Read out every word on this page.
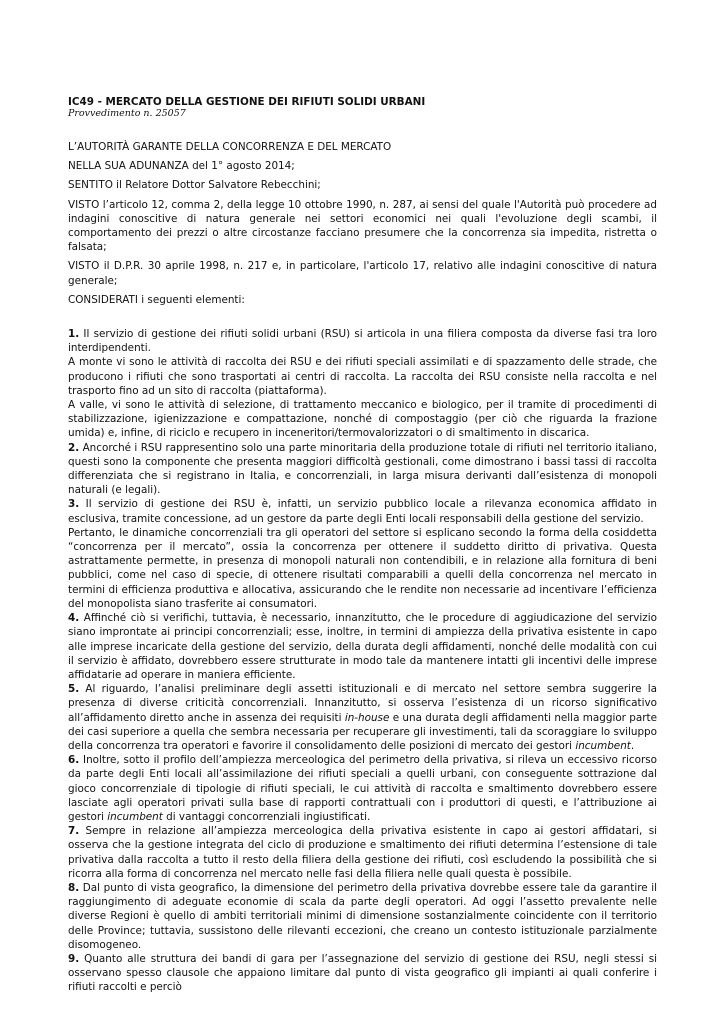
IC49 - MERCATO DELLA GESTIONE DEI RIFIUTI SOLIDI URBANI

Provvedimento n. 25057

L’AUTORITÀ GARANTE DELLA CONCORRENZA E DEL MERCATO

NELLA SUA ADUNANZA del 1° agosto 2014;

SENTITO il Relatore Dottor Salvatore Rebecchini;

VISTO l’articolo 12, comma 2, della legge 10 ottobre 1990, n. 287, ai sensi del quale l'Autorità può procedere ad indagini conoscitive di natura generale nei settori economici nei quali l'evoluzione degli scambi, il comportamento dei prezzi o altre circostanze facciano presumere che la concorrenza sia impedita, ristretta o falsata;

VISTO il D.P.R. 30 aprile 1998, n. 217 e, in particolare, l'articolo 17, relativo alle indagini conoscitive di natura generale;

CONSIDERATI i seguenti elementi:

1. Il servizio di gestione dei rifiuti solidi urbani (RSU) si articola in una filiera composta da diverse fasi tra loro interdipendenti.

A monte vi sono le attività di raccolta dei RSU e dei rifiuti speciali assimilati e di spazzamento delle strade, che producono i rifiuti che sono trasportati ai centri di raccolta. La raccolta dei RSU consiste nella raccolta e nel trasporto fino ad un sito di raccolta (piattaforma).

A valle, vi sono le attività di selezione, di trattamento meccanico e biologico, per il tramite di procedimenti di stabilizzazione, igienizzazione e compattazione, nonché di compostaggio (per ciò che riguarda la frazione umida) e, infine, di riciclo e recupero in inceneritori/termovalorizzatori o di smaltimento in discarica.

2. Ancorché i RSU rappresentino solo una parte minoritaria della produzione totale di rifiuti nel territorio italiano, questi sono la componente che presenta maggiori difficoltà gestionali, come dimostrano i bassi tassi di raccolta differenziata che si registrano in Italia, e concorrenziali, in larga misura derivanti dall’esistenza di monopoli naturali (e legali).

3. Il servizio di gestione dei RSU è, infatti, un servizio pubblico locale a rilevanza economica affidato in esclusiva, tramite concessione, ad un gestore da parte degli Enti locali responsabili della gestione del servizio.

Pertanto, le dinamiche concorrenziali tra gli operatori del settore si esplicano secondo la forma della cosiddetta “concorrenza per il mercato”, ossia la concorrenza per ottenere il suddetto diritto di privativa. Questa astrattamente permette, in presenza di monopoli naturali non contendibili, e in relazione alla fornitura di beni pubblici, come nel caso di specie, di ottenere risultati comparabili a quelli della concorrenza nel mercato in termini di efficienza produttiva e allocativa, assicurando che le rendite non necessarie ad incentivare l’efficienza del monopolista siano trasferite ai consumatori.

4. Affinché ciò si verifichi, tuttavia, è necessario, innanzitutto, che le procedure di aggiudicazione del servizio siano improntate ai principi concorrenziali; esse, inoltre, in termini di ampiezza della privativa esistente in capo alle imprese incaricate della gestione del servizio, della durata degli affidamenti, nonché delle modalità con cui il servizio è affidato, dovrebbero essere strutturate in modo tale da mantenere intatti gli incentivi delle imprese affidatarie ad operare in maniera efficiente.

5. Al riguardo, l’analisi preliminare degli assetti istituzionali e di mercato nel settore sembra suggerire la presenza di diverse criticità concorrenziali. Innanzitutto, si osserva l’esistenza di un ricorso significativo all’affidamento diretto anche in assenza dei requisiti in-house e una durata degli affidamenti nella maggior parte dei casi superiore a quella che sembra necessaria per recuperare gli investimenti, tali da scoraggiare lo sviluppo della concorrenza tra operatori e favorire il consolidamento delle posizioni di mercato dei gestori incumbent.

6. Inoltre, sotto il profilo dell’ampiezza merceologica del perimetro della privativa, si rileva un eccessivo ricorso da parte degli Enti locali all’assimilazione dei rifiuti speciali a quelli urbani, con conseguente sottrazione dal gioco concorrenziale di tipologie di rifiuti speciali, le cui attività di raccolta e smaltimento dovrebbero essere lasciate agli operatori privati sulla base di rapporti contrattuali con i produttori di questi, e l’attribuzione ai gestori incumbent di vantaggi concorrenziali ingiustificati.

7. Sempre in relazione all’ampiezza merceologica della privativa esistente in capo ai gestori affidatari, si osserva che la gestione integrata del ciclo di produzione e smaltimento dei rifiuti determina l’estensione di tale privativa dalla raccolta a tutto il resto della filiera della gestione dei rifiuti, così escludendo la possibilità che si ricorra alla forma di concorrenza nel mercato nelle fasi della filiera nelle quali questa è possibile.

8. Dal punto di vista geografico, la dimensione del perimetro della privativa dovrebbe essere tale da garantire il raggiungimento di adeguate economie di scala da parte degli operatori. Ad oggi l’assetto prevalente nelle diverse Regioni è quello di ambiti territoriali minimi di dimensione sostanzialmente coincidente con il territorio delle Province; tuttavia, sussistono delle rilevanti eccezioni, che creano un contesto istituzionale parzialmente disomogeneo.

9. Quanto alle struttura dei bandi di gara per l’assegnazione del servizio di gestione dei RSU, negli stessi si osservano spesso clausole che appaiono limitare dal punto di vista geografico gli impianti ai quali conferire i rifiuti raccolti e perciò
